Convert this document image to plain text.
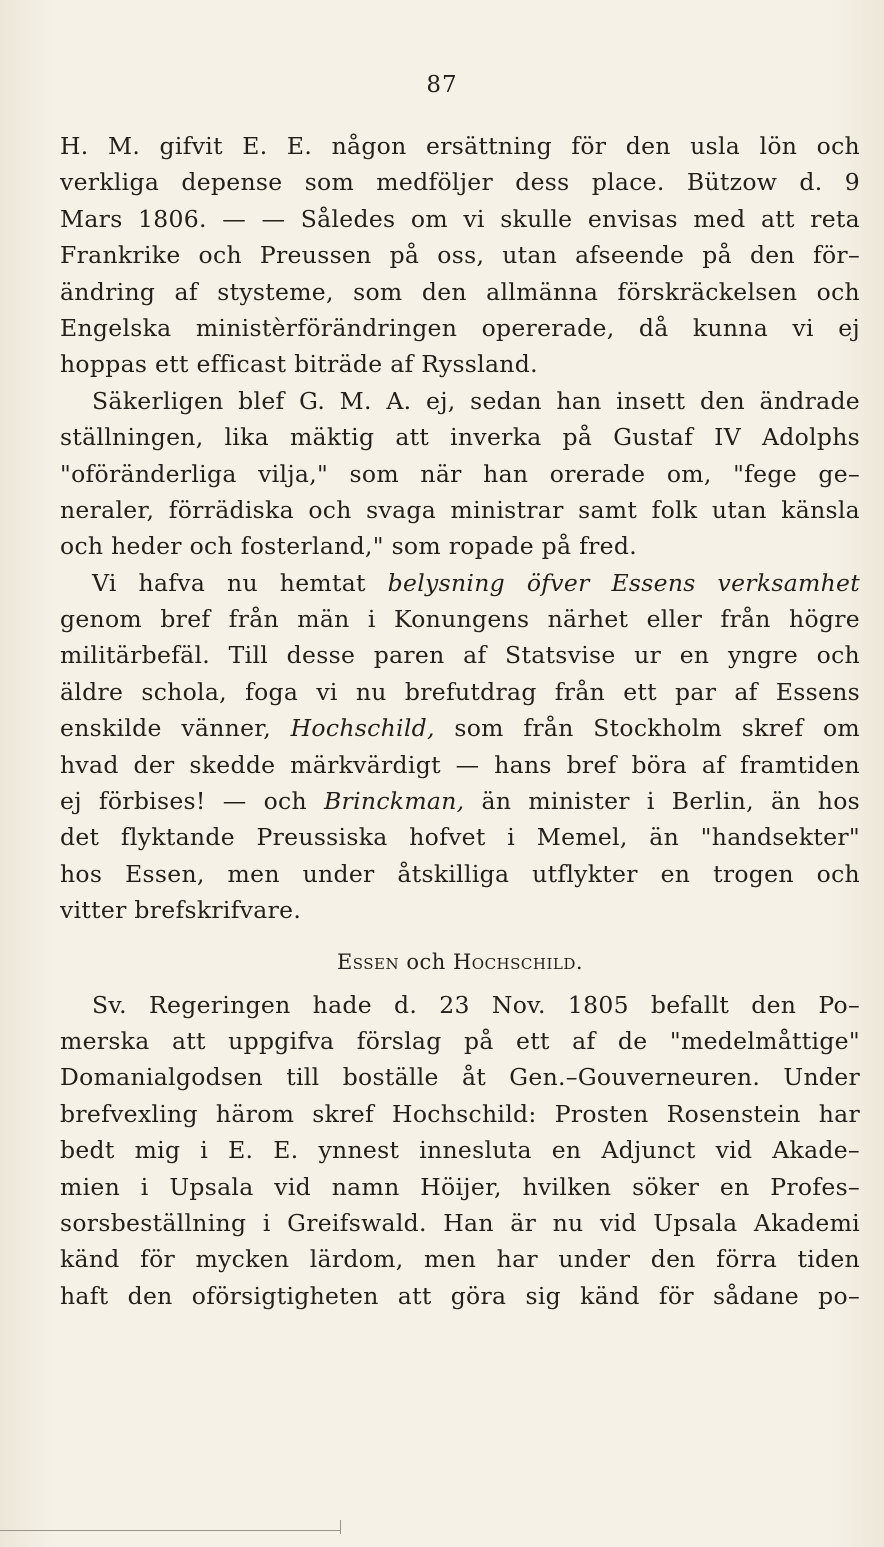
87
H. M. gifvit E. E. någon ersättning för den usla lön och
verkliga depense som medföljer dess place. Bützow d. 9
Mars 1806. — — Således om vi skulle envisas med att reta
Frankrike och Preussen på oss, utan afseende på den för–
ändring af stysteme, som den allmänna förskräckelsen och
Engelska ministèrförändringen opererade, då kunna vi ej
hoppas ett efficast biträde af Ryssland.
Säkerligen blef G. M. A. ej, sedan han insett den ändrade
ställningen, lika mäktig att inverka på Gustaf IV Adolphs
"oföränderliga vilja," som när han orerade om, "fege ge–
neraler, förrädiska och svaga ministrar samt folk utan känsla
och heder och fosterland," som ropade på fred.
Vi hafva nu hemtat belysning öfver Essens verksamhet
genom bref från män i Konungens närhet eller från högre
militärbefäl. Till desse paren af Statsvise ur en yngre och
äldre schola, foga vi nu brefutdrag från ett par af Essens
enskilde vänner, Hochschild, som från Stockholm skref om
hvad der skedde märkvärdigt — hans bref böra af framtiden
ej förbises! — och Brinckman, än minister i Berlin, än hos
det flyktande Preussiska hofvet i Memel, än "handsekter"
hos Essen, men under åtskilliga utflykter en trogen och
vitter brefskrifvare.
Essen och Hochschild.
Sv. Regeringen hade d. 23 Nov. 1805 befallt den Po–
merska att uppgifva förslag på ett af de "medelmåttige"
Domanialgodsen till boställe åt Gen.–Gouverneuren. Under
brefvexling härom skref Hochschild: Prosten Rosenstein har
bedt mig i E. E. ynnest innesluta en Adjunct vid Akade–
mien i Upsala vid namn Höijer, hvilken söker en Profes–
sorsbeställning i Greifswald. Han är nu vid Upsala Akademi
känd för mycken lärdom, men har under den förra tiden
haft den oförsigtigheten att göra sig känd för sådane po–
